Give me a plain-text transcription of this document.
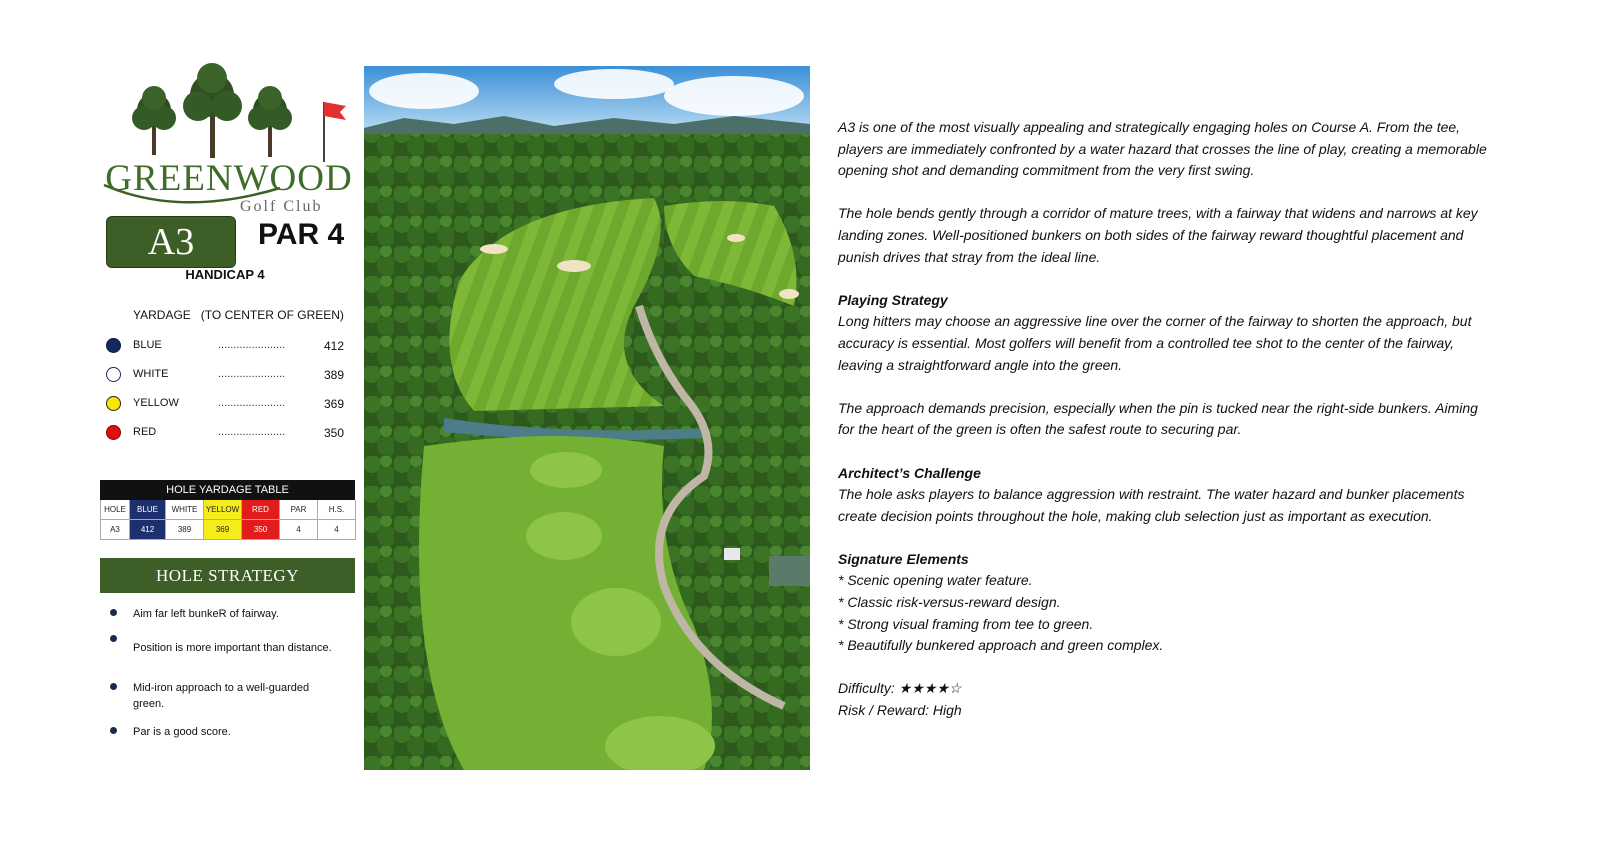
GREENWOOD
Golf Club
A3	PAR 4
HANDICAP 4
YARDAGE   (TO CENTER OF GREEN)
BLUE	......................	412
WHITE	......................	389
YELLOW	......................	369
RED	......................	350
HOLE YARDAGE TABLE
HOLE	BLUE	WHITE	YELLOW	RED	PAR	H.S.
A3	412	389	369	350	4	4
HOLE STRATEGY
Aim far left bunkeR of fairway.
Position is more important than distance.
Mid-iron approach to a well-guarded green.
Par is a good score.

A3 is one of the most visually appealing and strategically engaging holes on Course A. From the tee, players are immediately confronted by a water hazard that crosses the line of play, creating a memorable opening shot and demanding commitment from the very first swing.

The hole bends gently through a corridor of mature trees, with a fairway that widens and narrows at key landing zones. Well-positioned bunkers on both sides of the fairway reward thoughtful placement and punish drives that stray from the ideal line.

Playing Strategy

Long hitters may choose an aggressive line over the corner of the fairway to shorten the approach, but accuracy is essential. Most golfers will benefit from a controlled tee shot to the center of the fairway, leaving a straightforward angle into the green.

The approach demands precision, especially when the pin is tucked near the right-side bunkers. Aiming for the heart of the green is often the safest route to securing par.

Architect’s Challenge

The hole asks players to balance aggression with restraint. The water hazard and bunker placements create decision points throughout the hole, making club selection just as important as execution.

Signature Elements

* Scenic opening water feature.

* Classic risk-versus-reward design.

* Strong visual framing from tee to green.

* Beautifully bunkered approach and green complex.

Difficulty: ★★★★☆

Risk / Reward: High
